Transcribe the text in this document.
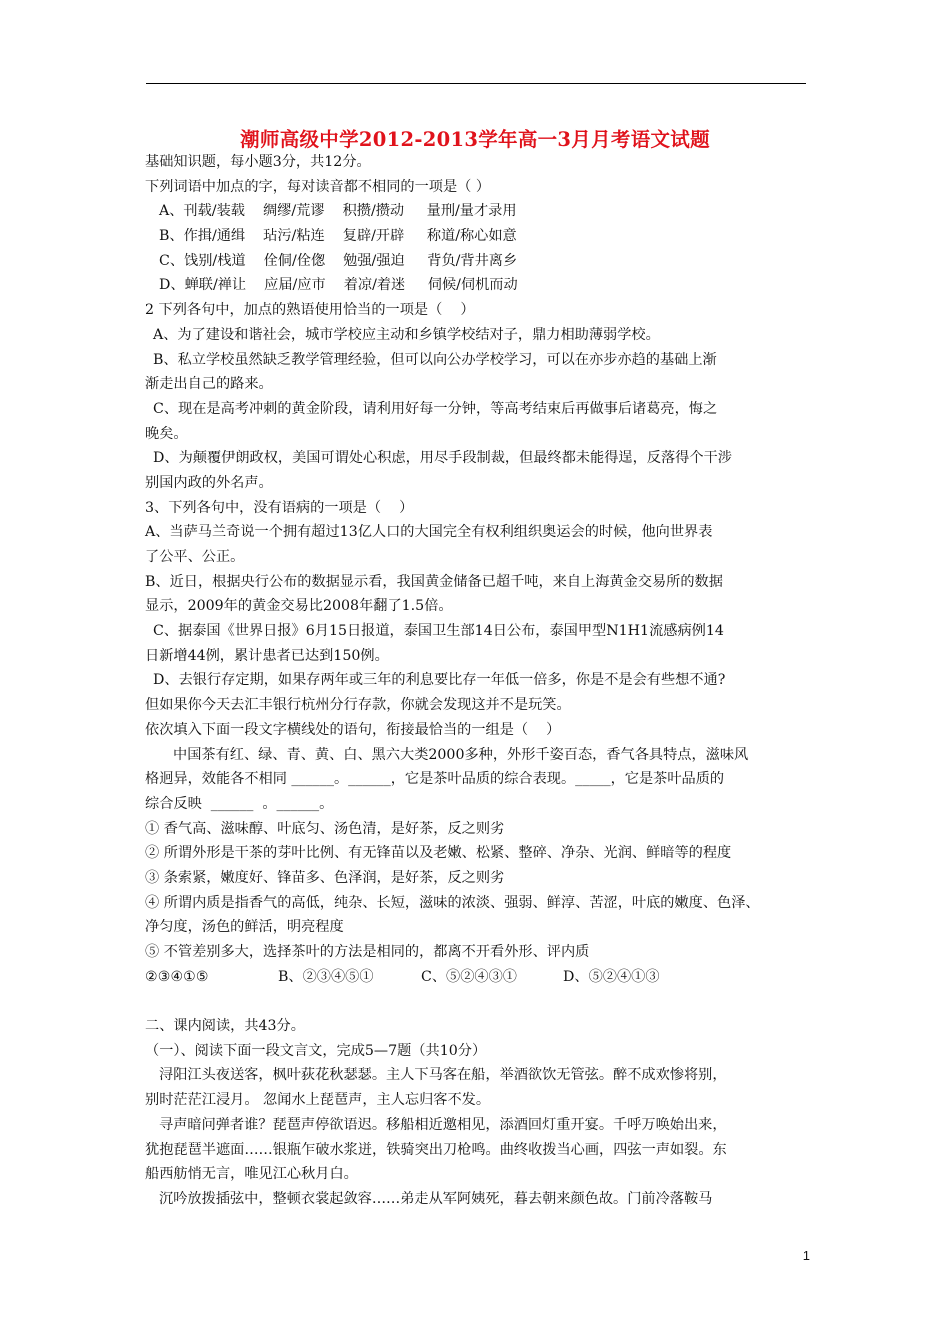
潮师高级中学2012-2013学年高一3月月考语文试题
基础知识题，每小题3分，共12分。
下列词语中加点的字，每对读音都不相同的一项是（ ）
A、刊载/装载    绸缪/荒谬    积攒/攒动     量刑/量才录用
B、作揖/通缉    玷污/粘连    复辟/开辟     称道/称心如意
C、饯别/栈道    佺侗/佺偬    勉强/强迫     背负/背井离乡
D、蝉联/禅让    应届/应市    着凉/着迷     伺候/伺机而动
2 下列各句中，加点的熟语使用恰当的一项是（    ）
A、为了建设和谐社会，城市学校应主动和乡镇学校结对子，鼎力相助薄弱学校。
B、私立学校虽然缺乏教学管理经验，但可以向公办学校学习，可以在亦步亦趋的基础上渐
渐走出自己的路来。
C、现在是高考冲刺的黄金阶段，请利用好每一分钟，等高考结束后再做事后诸葛亮，悔之
晚矣。
D、为颠覆伊朗政权，美国可谓处心积虑，用尽手段制裁，但最终都未能得逞，反落得个干涉
别国内政的外名声。
3、下列各句中，没有语病的一项是（    ）
A、当萨马兰奇说一个拥有超过13亿人口的大国完全有权利组织奥运会的时候，他向世界表
了公平、公正。
B、近日，根据央行公布的数据显示看，我国黄金储备已超千吨，来自上海黄金交易所的数据
显示，2009年的黄金交易比2008年翻了1.5倍。
C、据泰国《世界日报》6月15日报道，泰国卫生部14日公布，泰国甲型N1H1流感病例14
日新增44例，累计患者已达到150例。
D、去银行存定期，如果存两年或三年的利息要比存一年低一倍多，你是不是会有些想不通?
但如果你今天去汇丰银行杭州分行存款，你就会发现这并不是玩笑。
依次填入下面一段文字横线处的语句，衔接最恰当的一组是（    ）
中国茶有红、绿、青、黄、白、黑六大类2000多种，外形千姿百态，香气各具特点，滋味风
格迥异，效能各不相同 ______。______，它是茶叶品质的综合表现。_____，它是茶叶品质的
综合反映  ______  。______。
① 香气高、滋味醇、叶底匀、汤色清，是好茶，反之则劣
② 所谓外形是干茶的芽叶比例、有无锋苗以及老嫩、松紧、整碎、净杂、光润、鲜暗等的程度
③ 条索紧，嫩度好、锋苗多、色泽润，是好茶，反之则劣
④ 所谓内质是指香气的高低，纯杂、长短，滋味的浓淡、强弱、鲜淳、苦涩，叶底的嫩度、色泽、
净匀度，汤色的鲜活，明亮程度
⑤ 不管差别多大，选择茶叶的方法是相同的，都离不开看外形、评内质
②③④①⑤	B、②③④⑤①	C、⑤②④③①	D、⑤②④①③
二、课内阅读，共43分。
（一）、阅读下面一段文言文，完成5—7题（共10分）
浔阳江头夜送客，枫叶荻花秋瑟瑟。主人下马客在船，举酒欲饮无管弦。醉不成欢惨将别，
别时茫茫江浸月。 忽闻水上琵琶声，主人忘归客不发。
寻声暗问弹者谁？琵琶声停欲语迟。移船相近邀相见，添酒回灯重开宴。千呼万唤始出来，
犹抱琵琶半遮面……银瓶乍破水浆迸，铁骑突出刀枪鸣。曲终收拨当心画，四弦一声如裂。东
船西舫悄无言，唯见江心秋月白。
沉吟放拨插弦中，整顿衣裳起敛容……弟走从军阿姨死，暮去朝来颜色故。门前冷落鞍马
1
